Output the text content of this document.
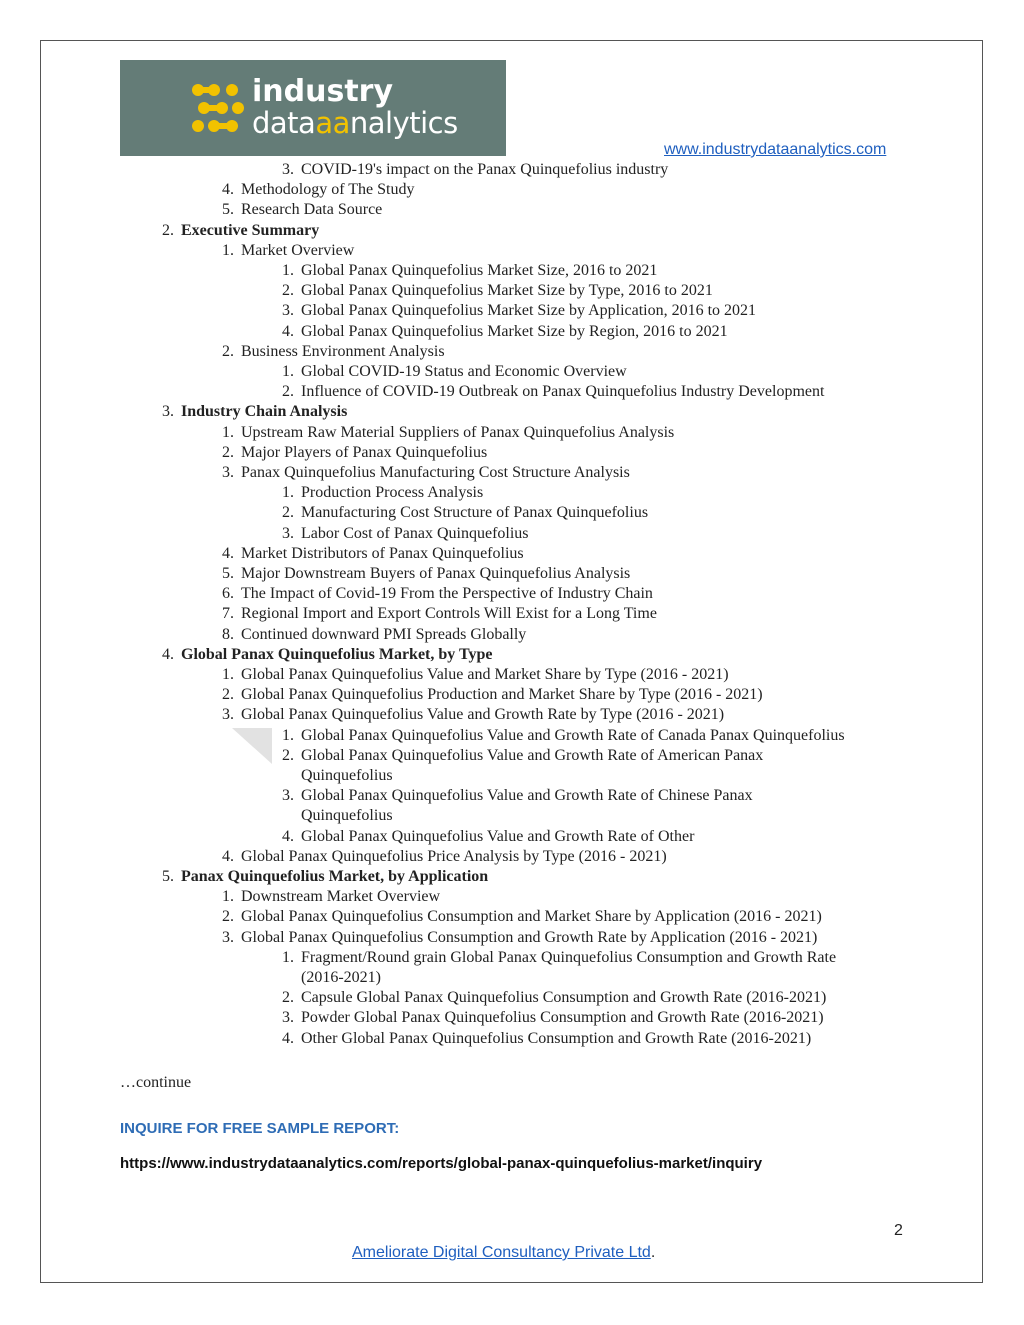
industry
dataaanalytics
www.industrydataanalytics.com
3. COVID-19's impact on the Panax Quinquefolius industry
4. Methodology of The Study
5. Research Data Source
2. Executive Summary
1. Market Overview
1. Global Panax Quinquefolius Market Size, 2016 to 2021
2. Global Panax Quinquefolius Market Size by Type, 2016 to 2021
3. Global Panax Quinquefolius Market Size by Application, 2016 to 2021
4. Global Panax Quinquefolius Market Size by Region, 2016 to 2021
2. Business Environment Analysis
1. Global COVID-19 Status and Economic Overview
2. Influence of COVID-19 Outbreak on Panax Quinquefolius Industry Development
3. Industry Chain Analysis
1. Upstream Raw Material Suppliers of Panax Quinquefolius Analysis
2. Major Players of Panax Quinquefolius
3. Panax Quinquefolius Manufacturing Cost Structure Analysis
1. Production Process Analysis
2. Manufacturing Cost Structure of Panax Quinquefolius
3. Labor Cost of Panax Quinquefolius
4. Market Distributors of Panax Quinquefolius
5. Major Downstream Buyers of Panax Quinquefolius Analysis
6. The Impact of Covid-19 From the Perspective of Industry Chain
7. Regional Import and Export Controls Will Exist for a Long Time
8. Continued downward PMI Spreads Globally
4. Global Panax Quinquefolius Market, by Type
1. Global Panax Quinquefolius Value and Market Share by Type (2016 - 2021)
2. Global Panax Quinquefolius Production and Market Share by Type (2016 - 2021)
3. Global Panax Quinquefolius Value and Growth Rate by Type (2016 - 2021)
1. Global Panax Quinquefolius Value and Growth Rate of Canada Panax Quinquefolius
2. Global Panax Quinquefolius Value and Growth Rate of American Panax
Quinquefolius
3. Global Panax Quinquefolius Value and Growth Rate of Chinese Panax
Quinquefolius
4. Global Panax Quinquefolius Value and Growth Rate of Other
4. Global Panax Quinquefolius Price Analysis by Type (2016 - 2021)
5. Panax Quinquefolius Market, by Application
1. Downstream Market Overview
2. Global Panax Quinquefolius Consumption and Market Share by Application (2016 - 2021)
3. Global Panax Quinquefolius Consumption and Growth Rate by Application (2016 - 2021)
1. Fragment/Round grain Global Panax Quinquefolius Consumption and Growth Rate
(2016-2021)
2. Capsule Global Panax Quinquefolius Consumption and Growth Rate (2016-2021)
3. Powder Global Panax Quinquefolius Consumption and Growth Rate (2016-2021)
4. Other Global Panax Quinquefolius Consumption and Growth Rate (2016-2021)
…continue
INQUIRE FOR FREE SAMPLE REPORT:
https://www.industrydataanalytics.com/reports/global-panax-quinquefolius-market/inquiry
2
Ameliorate Digital Consultancy Private Ltd.
